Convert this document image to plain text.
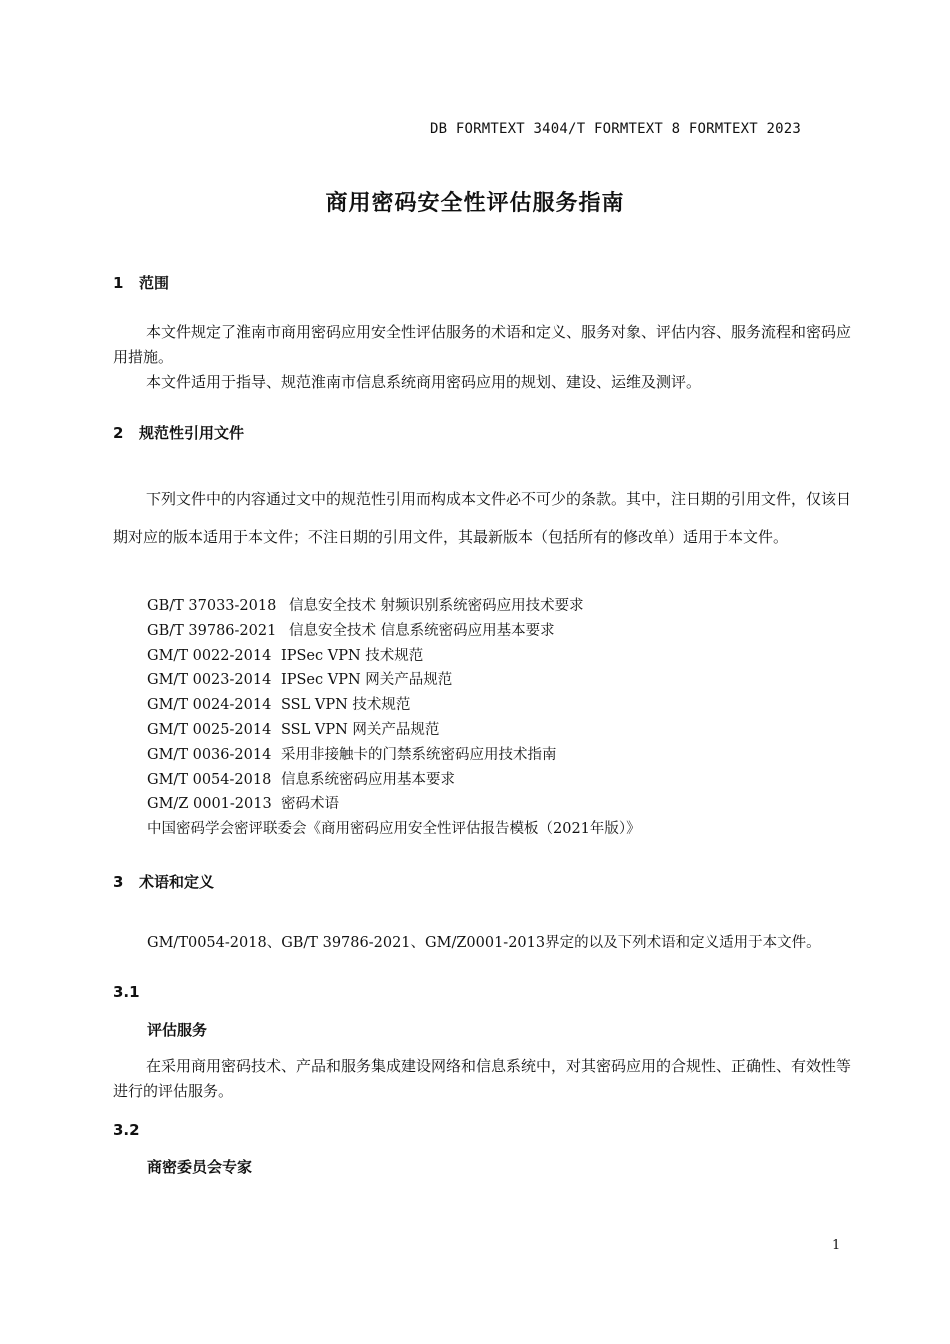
DB FORMTEXT 3404/T FORMTEXT 8 FORMTEXT 2023
商用密码安全性评估服务指南
1 范围
本文件规定了淮南市商用密码应用安全性评估服务的术语和定义、服务对象、评估内容、服务流程和密码应用措施。
本文件适用于指导、规范淮南市信息系统商用密码应用的规划、建设、运维及测评。
2 规范性引用文件
下列文件中的内容通过文中的规范性引用而构成本文件必不可少的条款。其中，注日期的引用文件，仅该日期对应的版本适用于本文件；不注日期的引用文件，其最新版本（包括所有的修改单）适用于本文件。
GB/T 37033-2018 信息安全技术 射频识别系统密码应用技术要求
GB/T 39786-2021 信息安全技术 信息系统密码应用基本要求
GM/T 0022-2014 IPSec VPN 技术规范
GM/T 0023-2014 IPSec VPN 网关产品规范
GM/T 0024-2014 SSL VPN 技术规范
GM/T 0025-2014 SSL VPN 网关产品规范
GM/T 0036-2014 采用非接触卡的门禁系统密码应用技术指南
GM/T 0054-2018 信息系统密码应用基本要求
GM/Z 0001-2013 密码术语
中国密码学会密评联委会《商用密码应用安全性评估报告模板（2021年版）》
3 术语和定义
GM/T0054-2018、GB/T 39786-2021、GM/Z0001-2013界定的以及下列术语和定义适用于本文件。
3.1
评估服务
在采用商用密码技术、产品和服务集成建设网络和信息系统中，对其密码应用的合规性、正确性、有效性等进行的评估服务。
3.2
商密委员会专家
1
